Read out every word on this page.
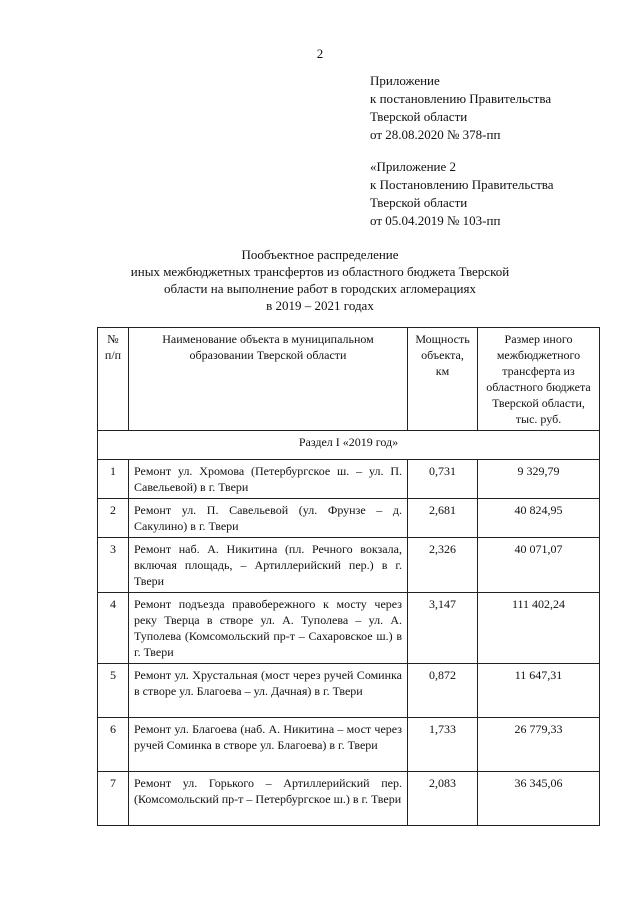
2
Приложение
к постановлению Правительства
Тверской области
от 28.08.2020 № 378-пп
«Приложение 2
к Постановлению Правительства
Тверской области
от 05.04.2019 № 103-пп
Пообъектное распределение
иных межбюджетных трансфертов из областного бюджета Тверской
области на выполнение работ в городских агломерациях
в 2019 – 2021 годах
№ п/п	Наименование объекта в муниципальном образовании Тверской области	Мощность объекта, км	Размер иного межбюджетного трансферта из областного бюджета Тверской области, тыс. руб.
Раздел I «2019 год»			
1	Ремонт ул. Хромова (Петербургское ш. – ул. П. Савельевой) в г. Твери	0,731	9 329,79
2	Ремонт ул. П. Савельевой (ул. Фрунзе – д. Сакулино) в г. Твери	2,681	40 824,95
3	Ремонт наб. А. Никитина (пл. Речного вокзала, включая площадь, – Артиллерийский пер.) в г. Твери	2,326	40 071,07
4	Ремонт подъезда правобережного к мосту через реку Тверца в створе ул. А. Туполева – ул. А. Туполева (Комсомольский пр-т – Сахаровское ш.) в г. Твери	3,147	111 402,24
5	Ремонт ул. Хрустальная (мост через ручей Соминка в створе ул. Благоева – ул. Дачная) в г. Твери	0,872	11 647,31
6	Ремонт ул. Благоева (наб. А. Никитина – мост через ручей Соминка в створе ул. Благоева) в г. Твери	1,733	26 779,33
7	Ремонт ул. Горького – Артиллерийский пер. (Комсомольский пр-т – Петербургское ш.) в г. Твери	2,083	36 345,06
